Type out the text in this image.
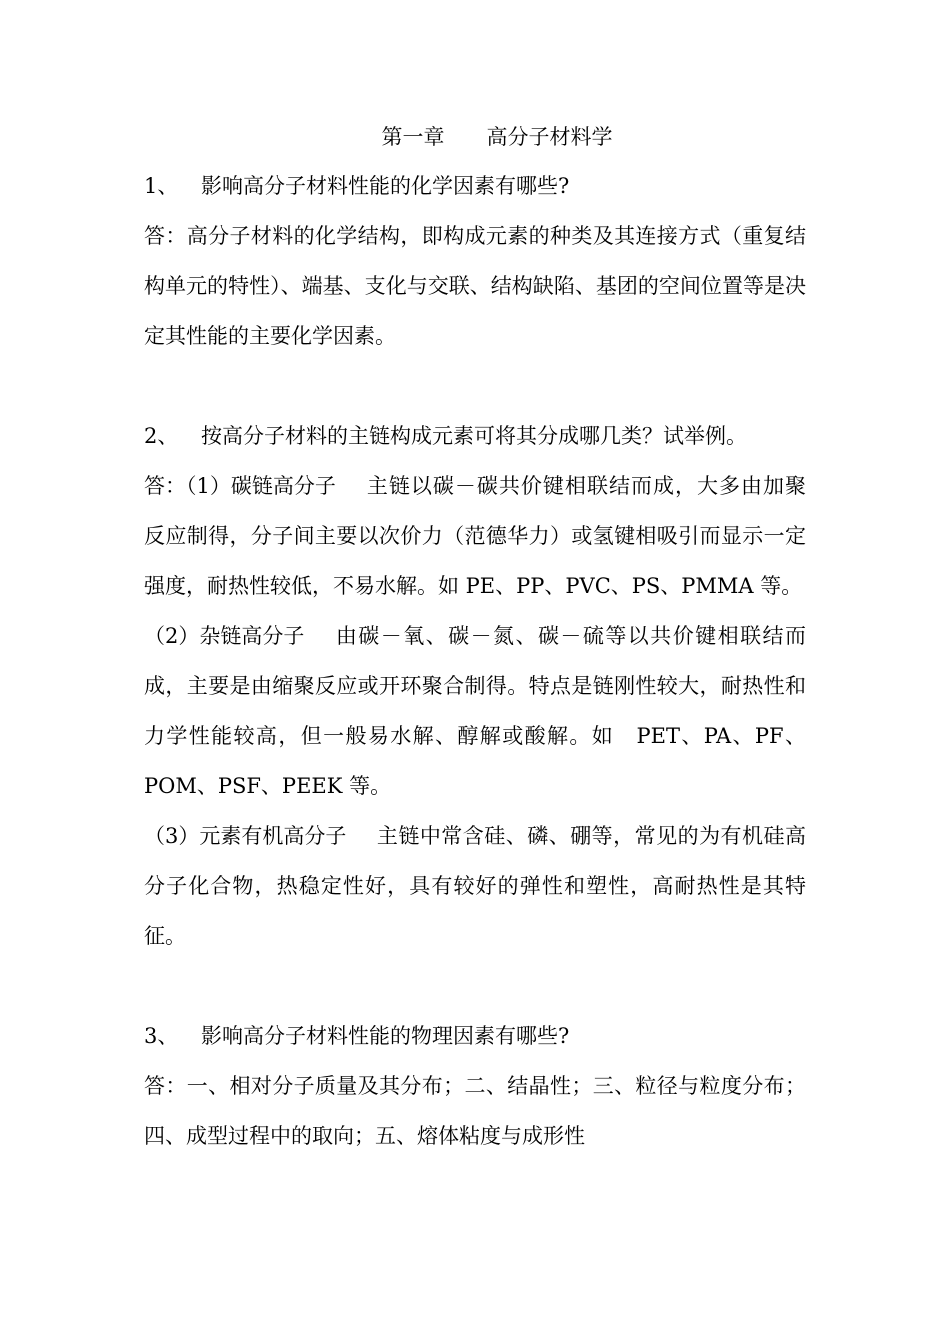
第一章　　高分子材料学

1、 影响高分子材料性能的化学因素有哪些?

答：高分子材料的化学结构，即构成元素的种类及其连接方式（重复结构单元的特性）、端基、支化与交联、结构缺陷、基团的空间位置等是决定其性能的主要化学因素。

2、 按高分子材料的主链构成元素可将其分成哪几类？试举例。

答：（1）碳链高分子 主链以碳－碳共价键相联结而成，大多由加聚反应制得，分子间主要以次价力（范德华力）或氢键相吸引而显示一定强度，耐热性较低，不易水解。如 PE、PP、PVC、PS、PMMA 等。

（2）杂链高分子 由碳－氧、碳－氮、碳－硫等以共价键相联结而成，主要是由缩聚反应或开环聚合制得。特点是链刚性较大，耐热性和力学性能较高，但一般易水解、醇解或酸解。如　PET、PA、PF、POM、PSF、PEEK 等。

（3）元素有机高分子 主链中常含硅、磷、硼等，常见的为有机硅高分子化合物，热稳定性好，具有较好的弹性和塑性，高耐热性是其特征。

3、 影响高分子材料性能的物理因素有哪些?

答：一、相对分子质量及其分布；二、结晶性；三、粒径与粒度分布；四、成型过程中的取向；五、熔体粘度与成形性
